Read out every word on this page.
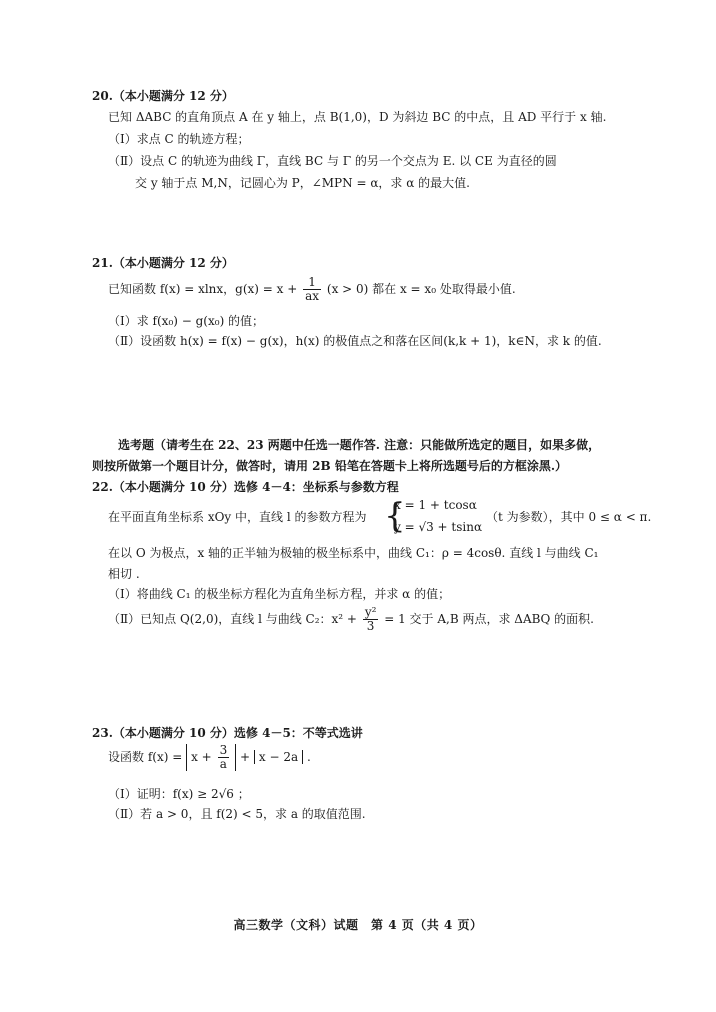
20.（本小题满分 12 分）
已知 ΔABC 的直角顶点 A 在 y 轴上，点 B(1,0)，D 为斜边 BC 的中点，且 AD 平行于 x 轴.
（Ⅰ）求点 C 的轨迹方程；
（Ⅱ）设点 C 的轨迹为曲线 Γ，直线 BC 与 Γ 的另一个交点为 E. 以 CE 为直径的圆
交 y 轴于点 M,N，记圆心为 P，∠MPN = α，求 α 的最大值.
21.（本小题满分 12 分）
已知函数 f(x) = xlnx，$g(x) = x + \frac{1}{ax} (x > 0)$ 都在 x = x₀ 处取得最小值.
（Ⅰ）求 f(x₀) − g(x₀) 的值；
（Ⅱ）设函数 h(x) = f(x) − g(x)，h(x) 的极值点之和落在区间(k,k + 1)，k∈N，求 k 的值.
选考题（请考生在 22、23 两题中任选一题作答. 注意：只能做所选定的题目，如果多做，
则按所做第一个题目计分，做答时，请用 2B 铅笔在答题卡上将所选题号后的方框涂黑.）
22.（本小题满分 10 分）选修 4－4：坐标系与参数方程
在平面直角坐标系 xOy 中，直线 l 的参数方程为 {
x = 1 + tcosα
y = √3 + tsinα
（t 为参数），其中 0 ≤ α < π.
在以 O 为极点，x 轴的正半轴为极轴的极坐标系中，曲线 C₁：ρ = 4cosθ. 直线 l 与曲线 C₁
相切 .
（Ⅰ）将曲线 C₁ 的极坐标方程化为直角坐标方程，并求 α 的值；
（Ⅱ）已知点 Q(2,0)，直线 l 与曲线 C₂：$x^2 + \frac{\text{y²}}{3} = 1$ 交于 A,B 两点，求 ΔABQ 的面积.
23.（本小题满分 10 分）选修 4－5：不等式选讲
设函数 $f(x) = x + \frac{3}{a} + x - 2a$ .
（Ⅰ）证明：f(x) ≥ 2√6 ；
（Ⅱ）若 a > 0，且 f(2) < 5，求 a 的取值范围.
高三数学（文科）试题　第 4 页（共 4 页）
